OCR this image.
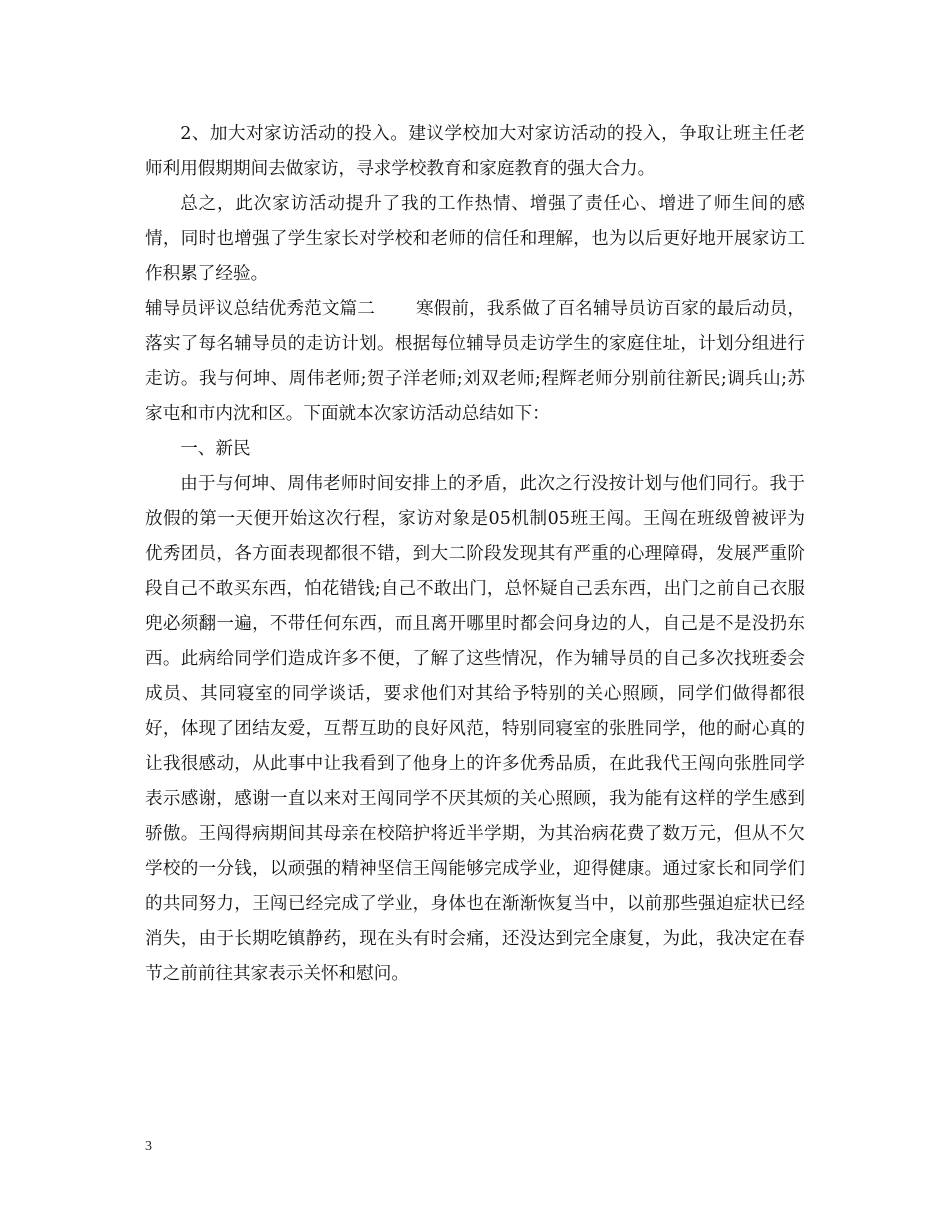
2、加大对家访活动的投入。建议学校加大对家访活动的投入，争取让班主任老师利用假期期间去做家访，寻求学校教育和家庭教育的强大合力。

总之，此次家访活动提升了我的工作热情、增强了责任心、增进了师生间的感情，同时也增强了学生家长对学校和老师的信任和理解，也为以后更好地开展家访工作积累了经验。

辅导员评议总结优秀范文篇二　　 寒假前，我系做了百名辅导员访百家的最后动员，落实了每名辅导员的走访计划。根据每位辅导员走访学生的家庭住址，计划分组进行走访。我与何坤、周伟老师;贺子洋老师;刘双老师;程辉老师分别前往新民;调兵山;苏家屯和市内沈和区。下面就本次家访活动总结如下：

一、新民

由于与何坤、周伟老师时间安排上的矛盾，此次之行没按计划与他们同行。我于放假的第一天便开始这次行程，家访对象是05机制05班王闯。王闯在班级曾被评为优秀团员，各方面表现都很不错，到大二阶段发现其有严重的心理障碍，发展严重阶段自己不敢买东西，怕花错钱;自己不敢出门，总怀疑自己丢东西，出门之前自己衣服兜必须翻一遍，不带任何东西，而且离开哪里时都会问身边的人，自己是不是没扔东西。此病给同学们造成许多不便，了解了这些情况，作为辅导员的自己多次找班委会成员、其同寝室的同学谈话，要求他们对其给予特别的关心照顾，同学们做得都很好，体现了团结友爱，互帮互助的良好风范，特别同寝室的张胜同学，他的耐心真的让我很感动，从此事中让我看到了他身上的许多优秀品质，在此我代王闯向张胜同学表示感谢，感谢一直以来对王闯同学不厌其烦的关心照顾，我为能有这样的学生感到骄傲。王闯得病期间其母亲在校陪护将近半学期，为其治病花费了数万元，但从不欠学校的一分钱，以顽强的精神坚信王闯能够完成学业，迎得健康。通过家长和同学们的共同努力，王闯已经完成了学业，身体也在渐渐恢复当中，以前那些强迫症状已经消失，由于长期吃镇静药，现在头有时会痛，还没达到完全康复，为此，我决定在春节之前前往其家表示关怀和慰问。

3
